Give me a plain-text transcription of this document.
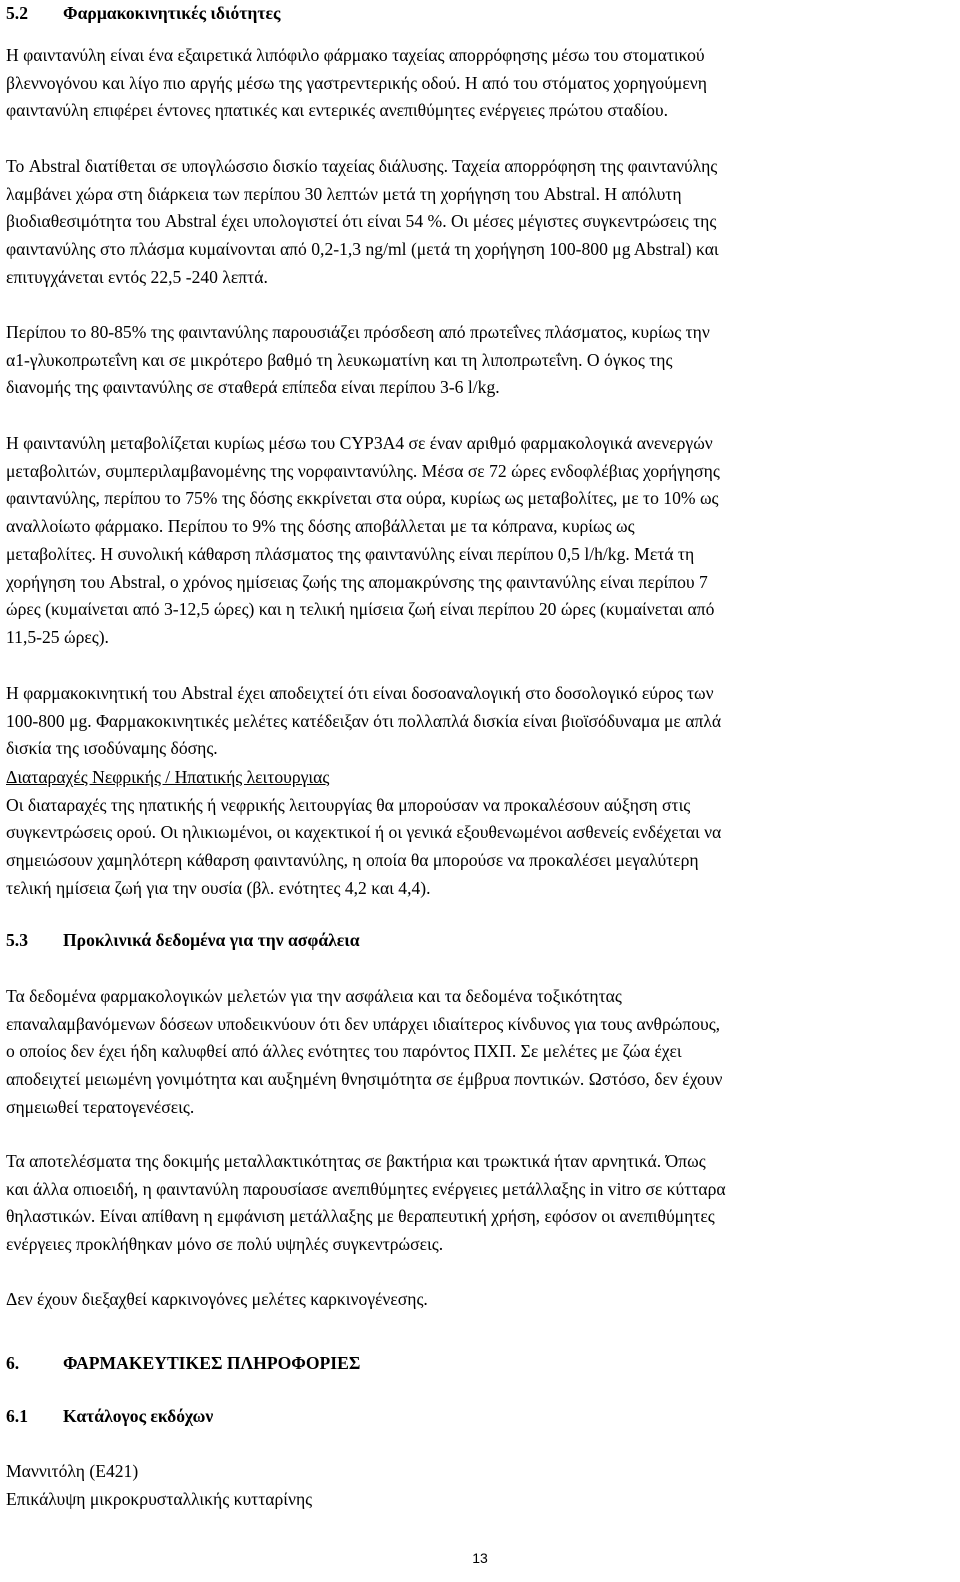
5.2 Φαρμακοκινητικές ιδιότητες
Η φαιντανύλη είναι ένα εξαιρετικά λιπόφιλο φάρμακο ταχείας απορρόφησης μέσω του στοματικού
βλεννογόνου και λίγο πιο αργής μέσω της γαστρεντερικής οδού. Η από του στόματος χορηγούμενη
φαιντανύλη επιφέρει έντονες ηπατικές και εντερικές ανεπιθύμητες ενέργειες πρώτου σταδίου.
Το Abstral διατίθεται σε υπογλώσσιο δισκίο ταχείας διάλυσης. Ταχεία απορρόφηση της φαιντανύλης
λαμβάνει χώρα στη διάρκεια των περίπου 30 λεπτών μετά τη χορήγηση του Abstral. Η απόλυτη
βιοδιαθεσιμότητα του Abstral έχει υπολογιστεί ότι είναι 54 %. Οι μέσες μέγιστες συγκεντρώσεις της
φαιντανύλης στο πλάσμα κυμαίνονται από 0,2-1,3 ng/ml (μετά τη χορήγηση 100-800 μg Abstral) και
επιτυγχάνεται εντός 22,5 -240 λεπτά.
Περίπου το 80-85% της φαιντανύλης παρουσιάζει πρόσδεση από πρωτεΐνες πλάσματος, κυρίως την
α1-γλυκοπρωτεΐνη και σε μικρότερο βαθμό τη λευκωματίνη και τη λιποπρωτεΐνη. Ο όγκος της
διανομής της φαιντανύλης σε σταθερά επίπεδα είναι περίπου 3-6 l/kg.
Η φαιντανύλη μεταβολίζεται κυρίως μέσω του CYP3A4 σε έναν αριθμό φαρμακολογικά ανενεργών
μεταβολιτών, συμπεριλαμβανομένης της νορφαιντανύλης. Μέσα σε 72 ώρες ενδοφλέβιας χορήγησης
φαιντανύλης, περίπου το 75% της δόσης εκκρίνεται στα ούρα, κυρίως ως μεταβολίτες, με το 10% ως
αναλλοίωτο φάρμακο. Περίπου το 9% της δόσης αποβάλλεται με τα κόπρανα, κυρίως ως
μεταβολίτες. Η συνολική κάθαρση πλάσματος της φαιντανύλης είναι περίπου 0,5 l/h/kg. Μετά τη
χορήγηση του Abstral, ο χρόνος ημίσειας ζωής της απομακρύνσης της φαιντανύλης είναι περίπου 7
ώρες (κυμαίνεται από 3-12,5 ώρες) και η τελική ημίσεια ζωή είναι περίπου 20 ώρες (κυμαίνεται από
11,5-25 ώρες).
Η φαρμακοκινητική του Abstral έχει αποδειχτεί ότι είναι δοσοαναλογική στο δοσολογικό εύρος των
100-800 μg. Φαρμακοκινητικές μελέτες κατέδειξαν ότι πολλαπλά δισκία είναι βιοϊσόδυναμα με απλά
δισκία της ισοδύναμης δόσης.
Διαταραχές Νεφρικής / Ηπατικής λειτουργιας
Οι διαταραχές της ηπατικής ή νεφρικής λειτουργίας θα μπορούσαν να προκαλέσουν αύξηση στις
συγκεντρώσεις ορού. Οι ηλικιωμένοι, οι καχεκτικοί ή οι γενικά εξουθενωμένοι ασθενείς ενδέχεται να
σημειώσουν χαμηλότερη κάθαρση φαιντανύλης, η οποία θα μπορούσε να προκαλέσει μεγαλύτερη
τελική ημίσεια ζωή για την ουσία (βλ. ενότητες 4,2 και 4,4).
5.3 Προκλινικά δεδομένα για την ασφάλεια
Τα δεδομένα φαρμακολογικών μελετών για την ασφάλεια και τα δεδομένα τοξικότητας
επαναλαμβανόμενων δόσεων υποδεικνύουν ότι δεν υπάρχει ιδιαίτερος κίνδυνος για τους ανθρώπους,
ο οποίος δεν έχει ήδη καλυφθεί από άλλες ενότητες του παρόντος ΠΧΠ. Σε μελέτες με ζώα έχει
αποδειχτεί μειωμένη γονιμότητα και αυξημένη θνησιμότητα σε έμβρυα ποντικών. Ωστόσο, δεν έχουν
σημειωθεί τερατογενέσεις.
Τα αποτελέσματα της δοκιμής μεταλλακτικότητας σε βακτήρια και τρωκτικά ήταν αρνητικά. Όπως
και άλλα οπιοειδή, η φαιντανύλη παρουσίασε ανεπιθύμητες ενέργειες μετάλλαξης in vitro σε κύτταρα
θηλαστικών. Είναι απίθανη η εμφάνιση μετάλλαξης με θεραπευτική χρήση, εφόσον οι ανεπιθύμητες
ενέργειες προκλήθηκαν μόνο σε πολύ υψηλές συγκεντρώσεις.
Δεν έχουν διεξαχθεί καρκινογόνες μελέτες καρκινογένεσης.
6. ΦΑΡΜΑΚΕΥΤΙΚΕΣ ΠΛΗΡΟΦΟΡΙΕΣ
6.1 Κατάλογος εκδόχων
Μαννιτόλη (E421)
Επικάλυψη μικροκρυσταλλικής κυτταρίνης
13
